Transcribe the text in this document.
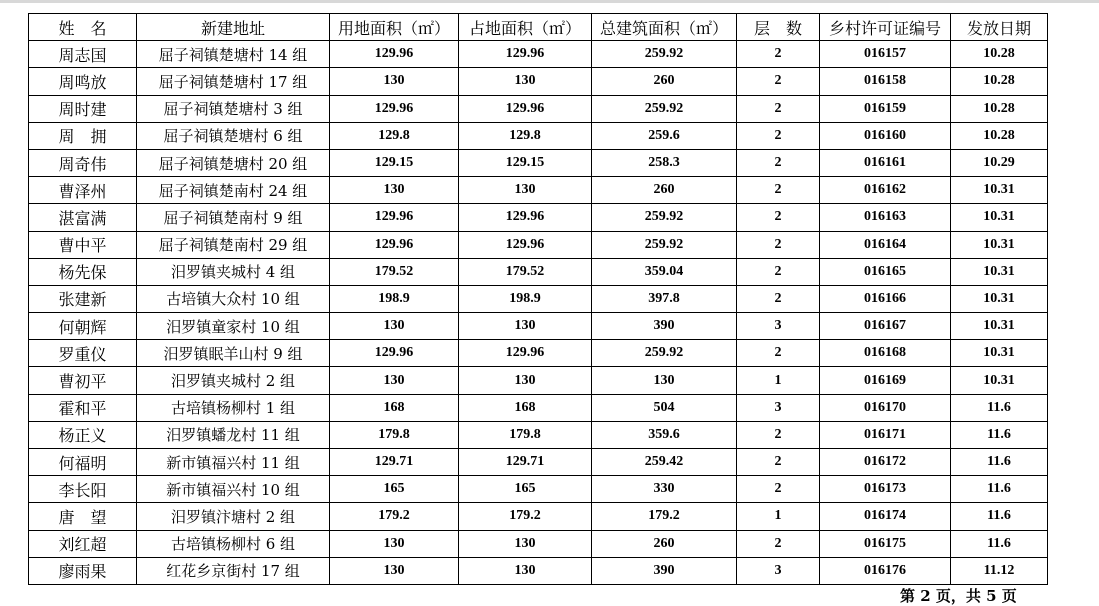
姓　名	新建地址	用地面积（㎡）	占地面积（㎡）	总建筑面积（㎡）	层　数	乡村许可证编号	发放日期
周志国	屈子祠镇楚塘村 14 组	129.96	129.96	259.92	2	016157	10.28
周鸣放	屈子祠镇楚塘村 17 组	130	130	260	2	016158	10.28
周时建	屈子祠镇楚塘村 3 组	129.96	129.96	259.92	2	016159	10.28
周　拥	屈子祠镇楚塘村 6 组	129.8	129.8	259.6	2	016160	10.28
周奇伟	屈子祠镇楚塘村 20 组	129.15	129.15	258.3	2	016161	10.29
曹泽州	屈子祠镇楚南村 24 组	130	130	260	2	016162	10.31
湛富满	屈子祠镇楚南村 9 组	129.96	129.96	259.92	2	016163	10.31
曹中平	屈子祠镇楚南村 29 组	129.96	129.96	259.92	2	016164	10.31
杨先保	汨罗镇夹城村 4 组	179.52	179.52	359.04	2	016165	10.31
张建新	古培镇大众村 10 组	198.9	198.9	397.8	2	016166	10.31
何朝辉	汨罗镇童家村 10 组	130	130	390	3	016167	10.31
罗重仪	汨罗镇眠羊山村 9 组	129.96	129.96	259.92	2	016168	10.31
曹初平	汨罗镇夹城村 2 组	130	130	130	1	016169	10.31
霍和平	古培镇杨柳村 1 组	168	168	504	3	016170	11.6
杨正义	汨罗镇蟠龙村 11 组	179.8	179.8	359.6	2	016171	11.6
何福明	新市镇福兴村 11 组	129.71	129.71	259.42	2	016172	11.6
李长阳	新市镇福兴村 10 组	165	165	330	2	016173	11.6
唐　望	汨罗镇汴塘村 2 组	179.2	179.2	179.2	1	016174	11.6
刘红超	古培镇杨柳村 6 组	130	130	260	2	016175	11.6
廖雨果	红花乡京街村 17 组	130	130	390	3	016176	11.12
第 2 页，共 5 页
